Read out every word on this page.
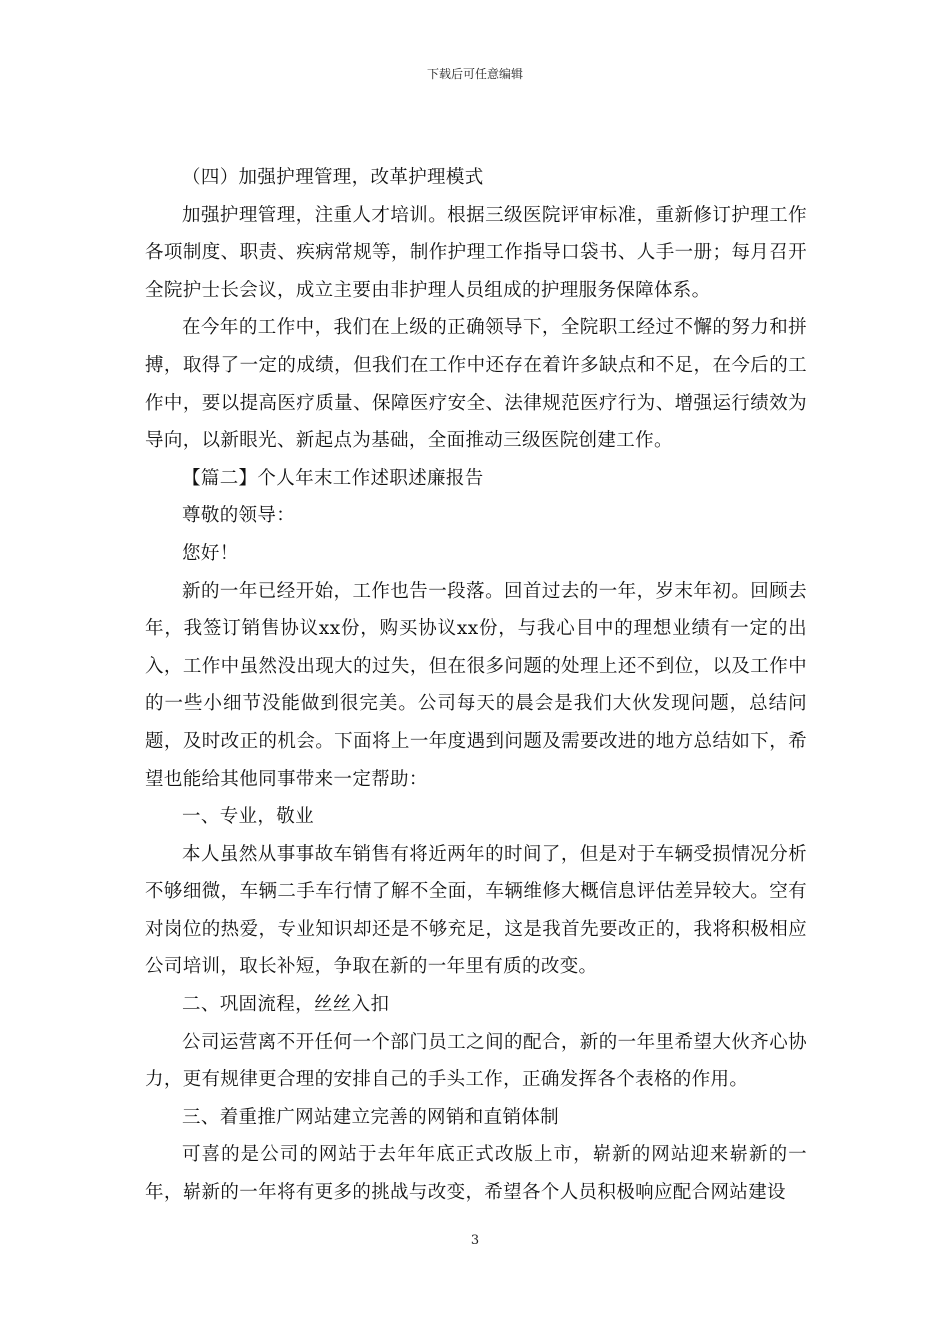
下载后可任意编辑

（四）加强护理管理，改革护理模式

加强护理管理，注重人才培训。根据三级医院评审标准，重新修订护理工作各项制度、职责、疾病常规等，制作护理工作指导口袋书、人手一册；每月召开全院护士长会议，成立主要由非护理人员组成的护理服务保障体系。

在今年的工作中，我们在上级的正确领导下，全院职工经过不懈的努力和拼搏，取得了一定的成绩，但我们在工作中还存在着许多缺点和不足，在今后的工作中，要以提高医疗质量、保障医疗安全、法律规范医疗行为、增强运行绩效为导向，以新眼光、新起点为基础，全面推动三级医院创建工作。

【篇二】个人年末工作述职述廉报告

尊敬的领导：

您好！

新的一年已经开始，工作也告一段落。回首过去的一年，岁末年初。回顾去年，我签订销售协议xx份，购买协议xx份，与我心目中的理想业绩有一定的出入，工作中虽然没出现大的过失，但在很多问题的处理上还不到位，以及工作中的一些小细节没能做到很完美。公司每天的晨会是我们大伙发现问题，总结问题，及时改正的机会。下面将上一年度遇到问题及需要改进的地方总结如下，希望也能给其他同事带来一定帮助：

一、专业，敬业

本人虽然从事事故车销售有将近两年的时间了，但是对于车辆受损情况分析不够细微，车辆二手车行情了解不全面，车辆维修大概信息评估差异较大。空有对岗位的热爱，专业知识却还是不够充足，这是我首先要改正的，我将积极相应公司培训，取长补短，争取在新的一年里有质的改变。

二、巩固流程，丝丝入扣

公司运营离不开任何一个部门员工之间的配合，新的一年里希望大伙齐心协力，更有规律更合理的安排自己的手头工作，正确发挥各个表格的作用。

三、着重推广网站建立完善的网销和直销体制

可喜的是公司的网站于去年年底正式改版上市，崭新的网站迎来崭新的一年，崭新的一年将有更多的挑战与改变，希望各个人员积极响应配合网站建设

3
